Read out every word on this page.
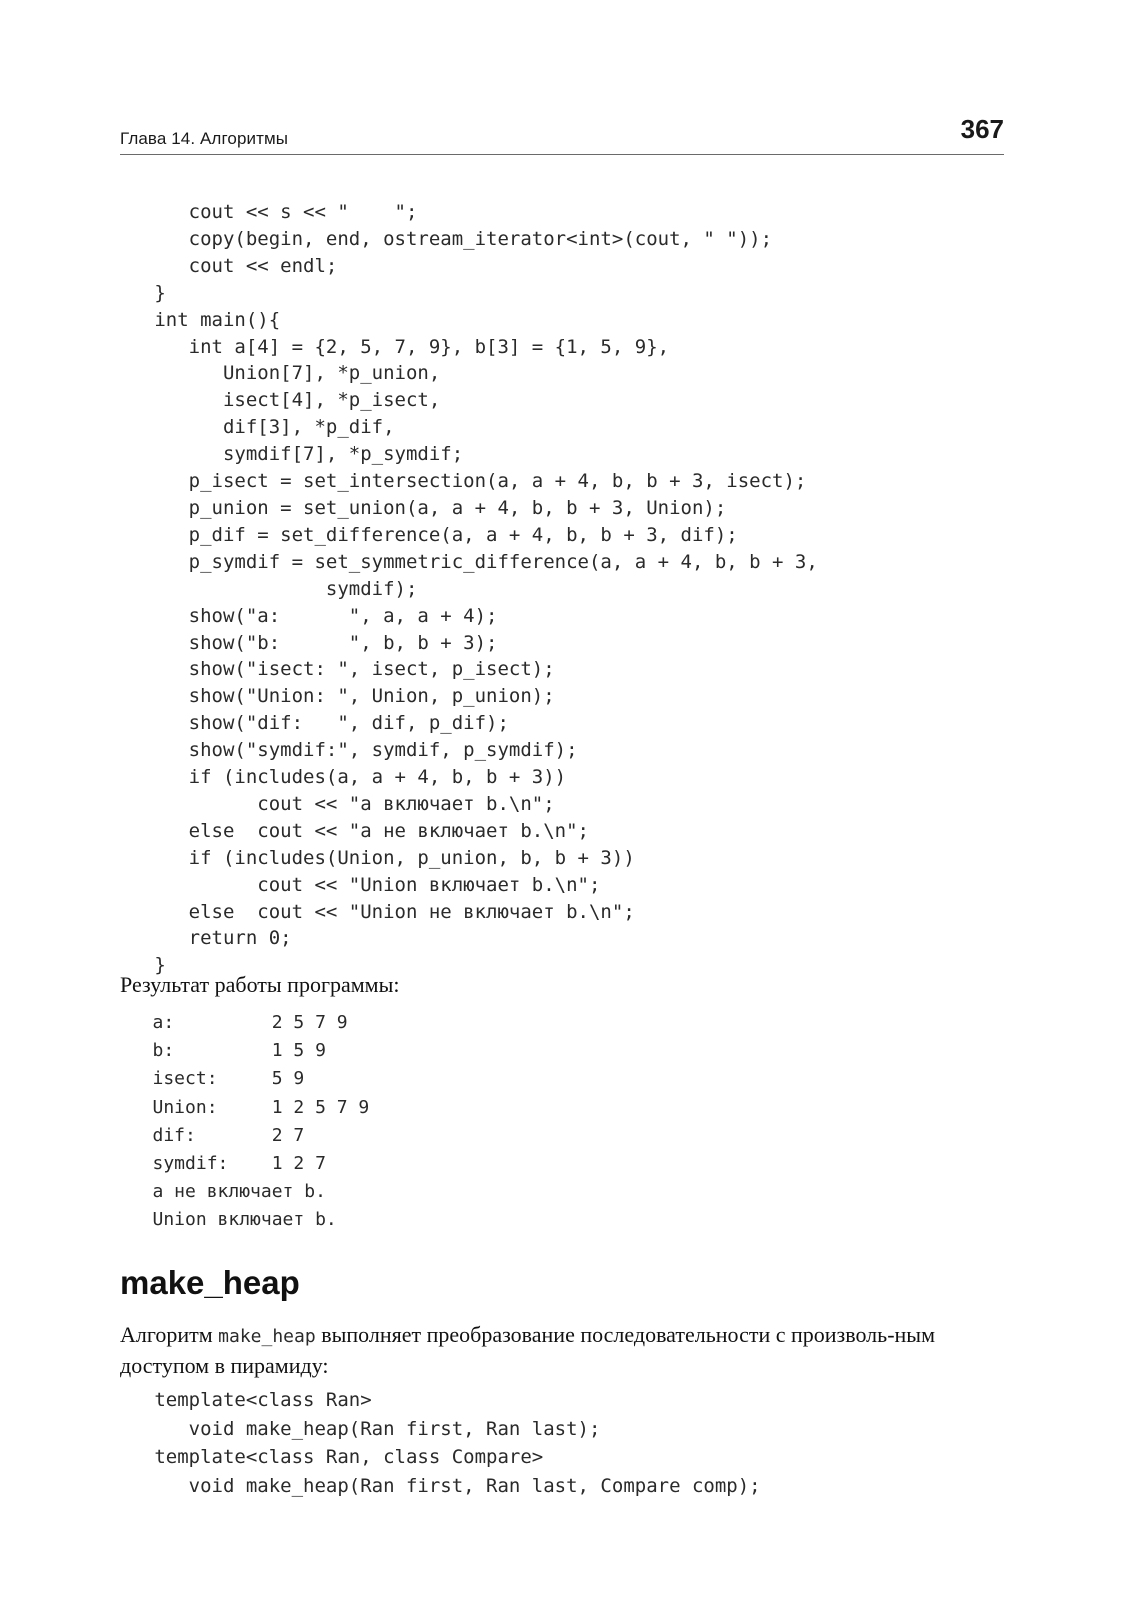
Глава 14. Алгоритмы	367
cout << s << "    ";
copy(begin, end, ostream_iterator<int>(cout, " "));
cout << endl;
}
int main(){
int a[4] = {2, 5, 7, 9}, b[3] = {1, 5, 9},
Union[7], *p_union,
isect[4], *p_isect,
dif[3], *p_dif,
symdif[7], *p_symdif;
p_isect = set_intersection(a, a + 4, b, b + 3, isect);
p_union = set_union(a, a + 4, b, b + 3, Union);
p_dif = set_difference(a, a + 4, b, b + 3, dif);
p_symdif = set_symmetric_difference(a, a + 4, b, b + 3,
symdif);
show("a:      ", a, a + 4);
show("b:      ", b, b + 3);
show("isect: ", isect, p_isect);
show("Union: ", Union, p_union);
show("dif:   ", dif, p_dif);
show("symdif:", symdif, p_symdif);
if (includes(a, a + 4, b, b + 3))
cout << "a включает b.\n";
else  cout << "a не включает b.\n";
if (includes(Union, p_union, b, b + 3))
cout << "Union включает b.\n";
else  cout << "Union не включает b.\n";
return 0;
}
Результат работы программы:
a:         2 5 7 9
b:         1 5 9
isect:     5 9
Union:     1 2 5 7 9
dif:       2 7
symdif:    1 2 7
a не включает b.
Union включает b.
make_heap

Алгоритм make_heap выполняет преобразование последовательности с произволь-ным доступом в пирамиду:

template<class Ran>
void make_heap(Ran first, Ran last);
template<class Ran, class Compare>
void make_heap(Ran first, Ran last, Compare comp);
